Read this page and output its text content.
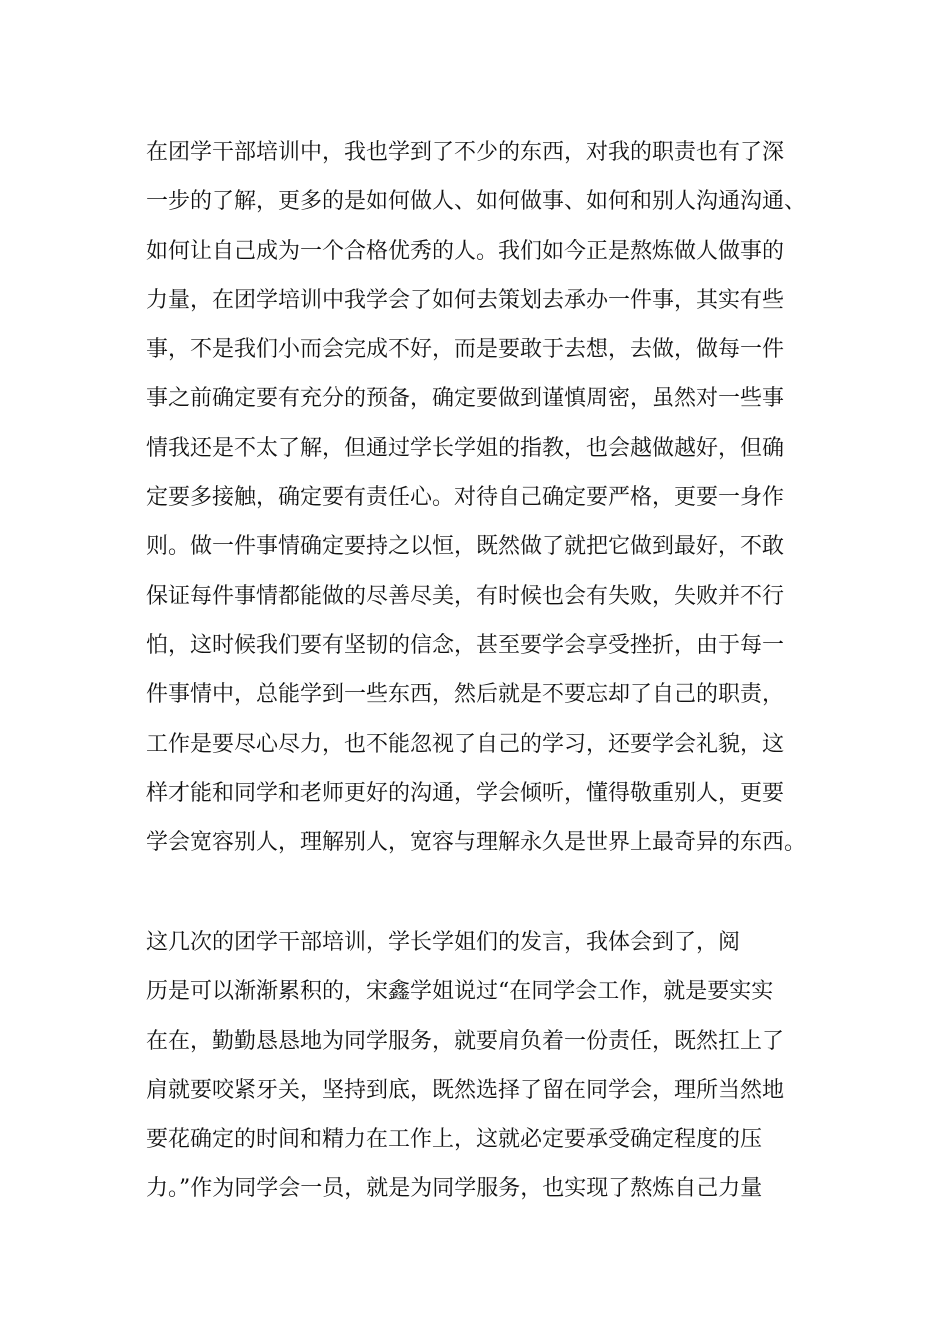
在团学干部培训中，我也学到了不少的东西，对我的职责也有了深
一步的了解，更多的是如何做人、如何做事、如何和别人沟通沟通、
如何让自己成为一个合格优秀的人。我们如今正是熬炼做人做事的
力量，在团学培训中我学会了如何去策划去承办一件事，其实有些
事，不是我们小而会完成不好，而是要敢于去想，去做，做每一件
事之前确定要有充分的预备，确定要做到谨慎周密，虽然对一些事
情我还是不太了解，但通过学长学姐的指教，也会越做越好，但确
定要多接触，确定要有责任心。对待自己确定要严格，更要一身作
则。做一件事情确定要持之以恒，既然做了就把它做到最好，不敢
保证每件事情都能做的尽善尽美，有时候也会有失败，失败并不行
怕，这时候我们要有坚韧的信念，甚至要学会享受挫折，由于每一
件事情中，总能学到一些东西，然后就是不要忘却了自己的职责，
工作是要尽心尽力，也不能忽视了自己的学习，还要学会礼貌，这
样才能和同学和老师更好的沟通，学会倾听，懂得敬重别人，更要
学会宽容别人，理解别人，宽容与理解永久是世界上最奇异的东西。
这几次的团学干部培训，学长学姐们的发言，我体会到了，阅
历是可以渐渐累积的，宋鑫学姐说过“在同学会工作，就是要实实
在在，勤勤恳恳地为同学服务，就要肩负着一份责任，既然扛上了
肩就要咬紧牙关，坚持到底，既然选择了留在同学会，理所当然地
要花确定的时间和精力在工作上，这就必定要承受确定程度的压
力。”作为同学会一员，就是为同学服务，也实现了熬炼自己力量
